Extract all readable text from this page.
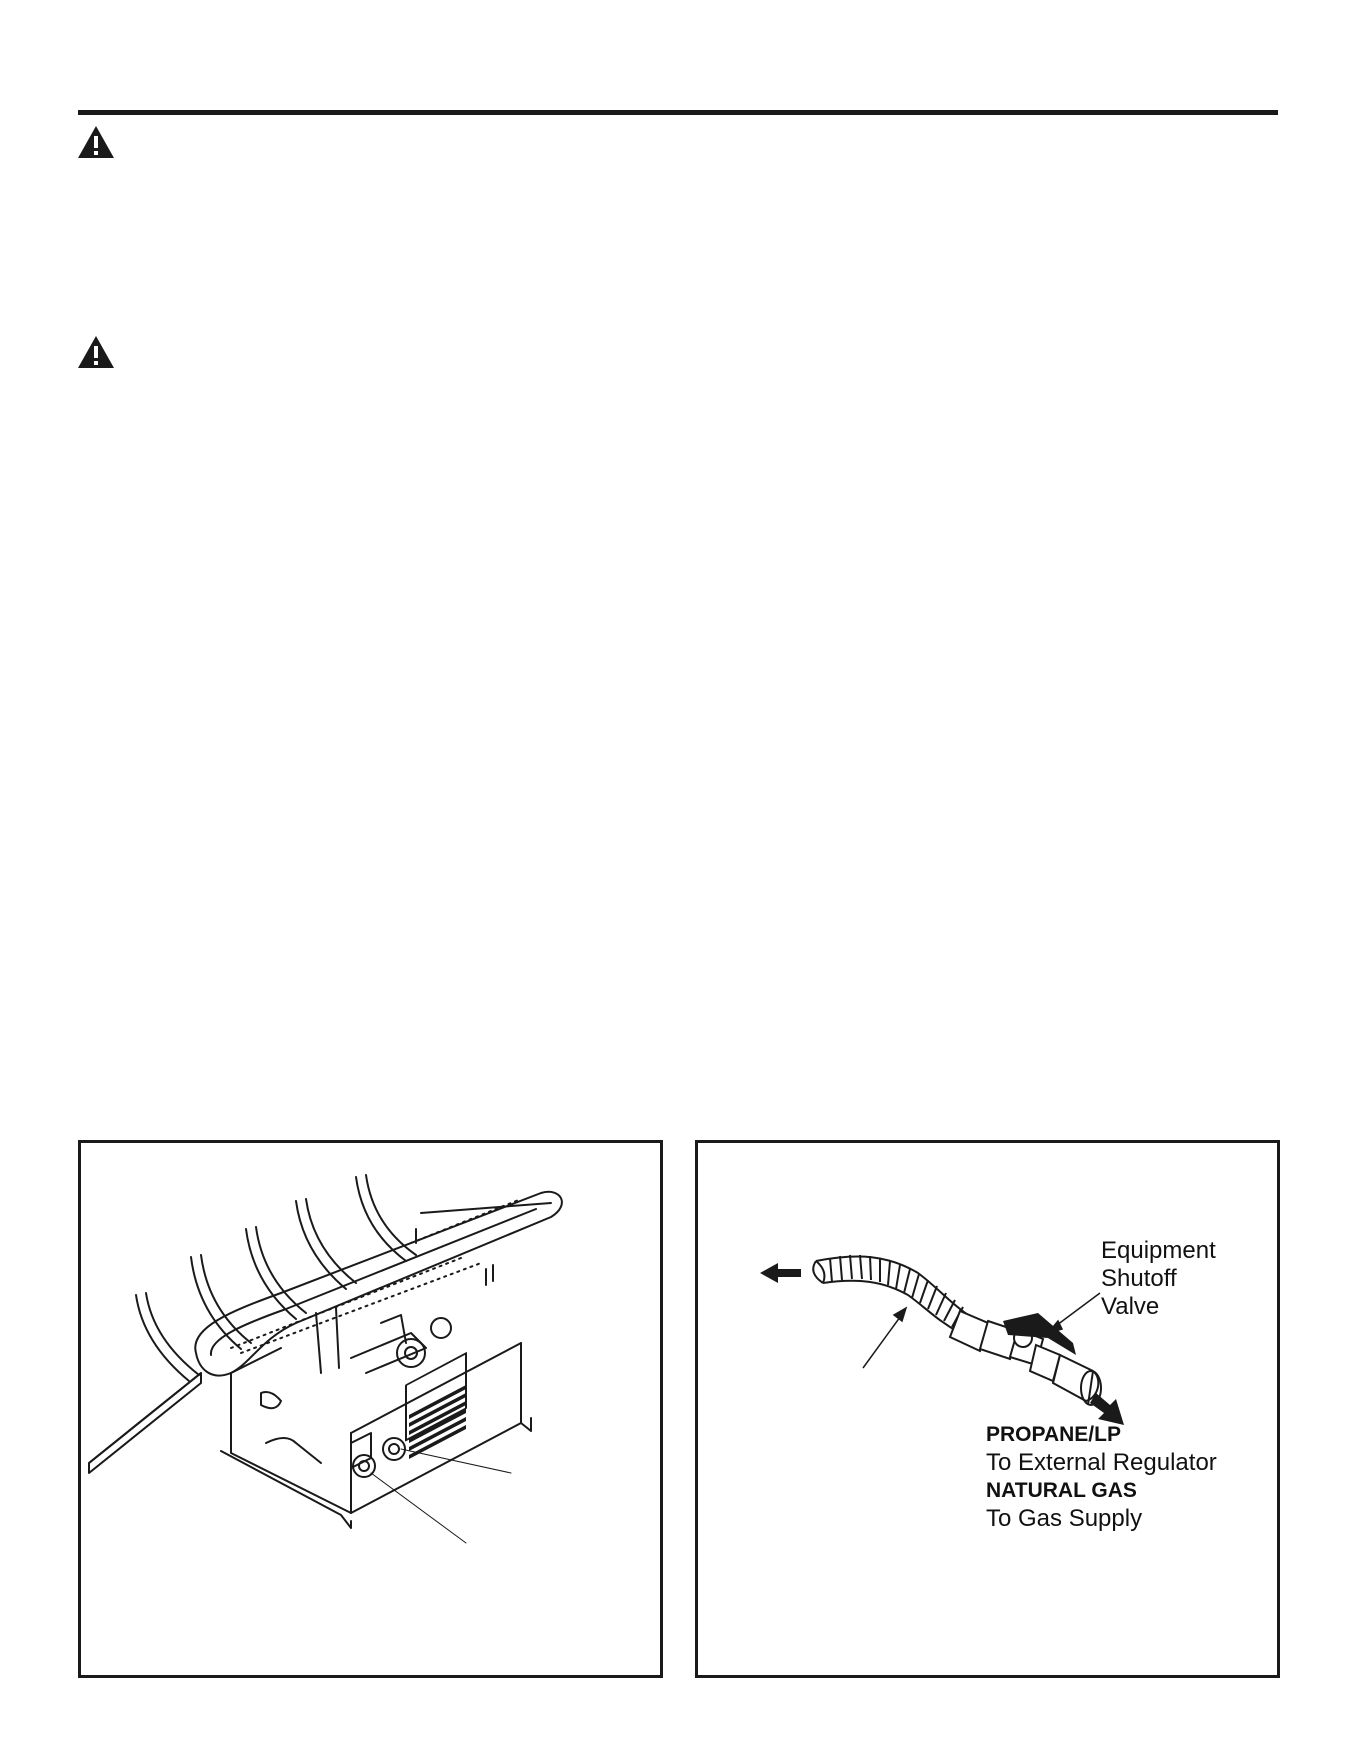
Equipment
Shutoff
Valve
PROPANE/LP
To External Regulator
NATURAL GAS
To Gas Supply
